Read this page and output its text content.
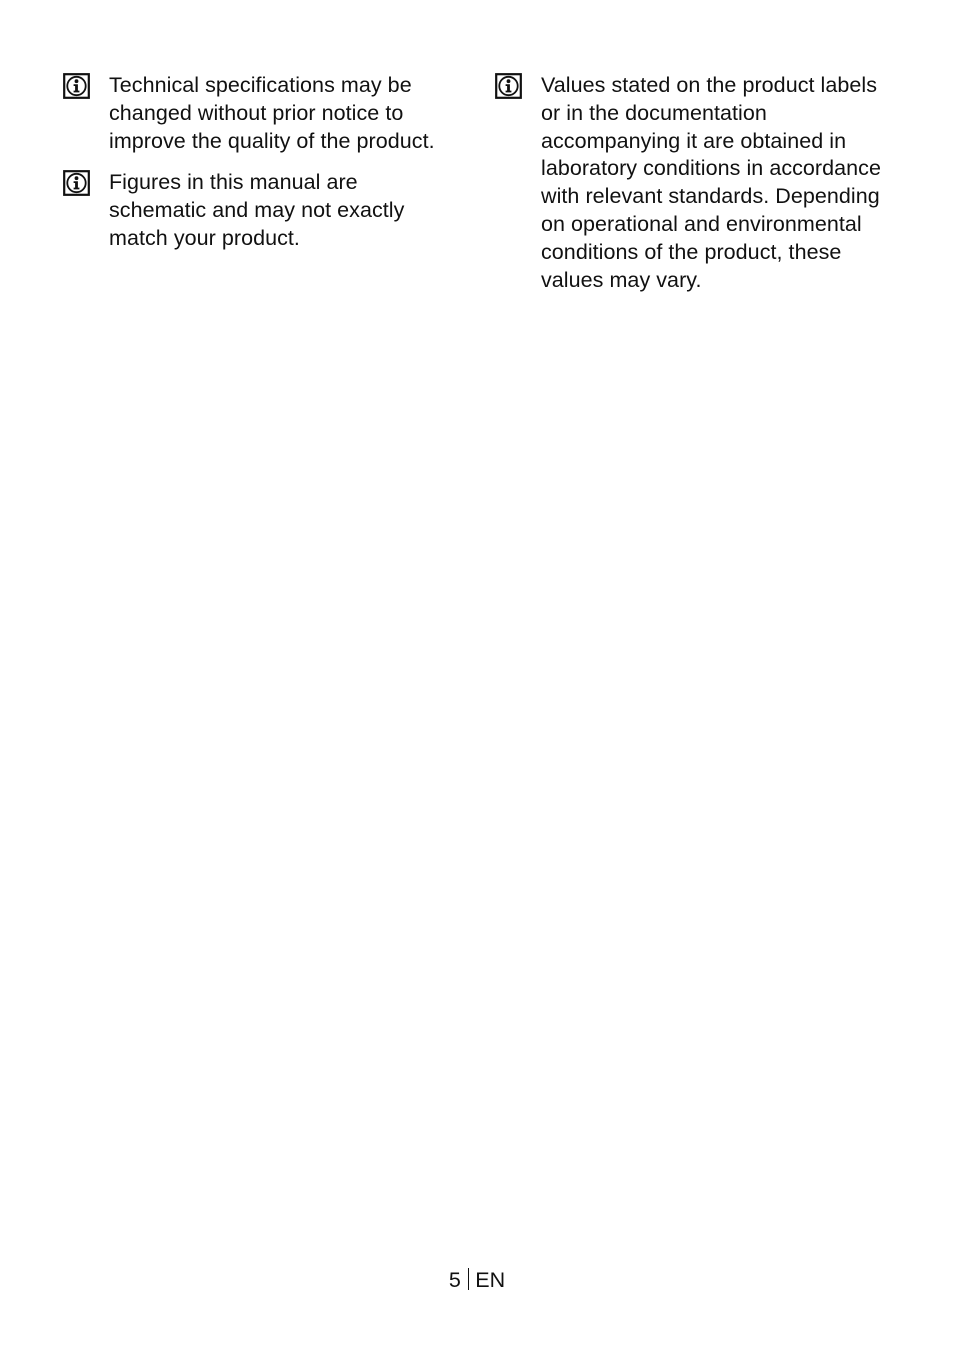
Technical specifications may be changed without prior notice to improve the quality of the product.
Figures in this manual are schematic and may not exactly match your product.
Values stated on the product labels or in the documentation accompanying it are obtained in laboratory conditions in accordance with relevant standards. Depending on operational and environmental conditions of the product, these values may vary.
5 EN
